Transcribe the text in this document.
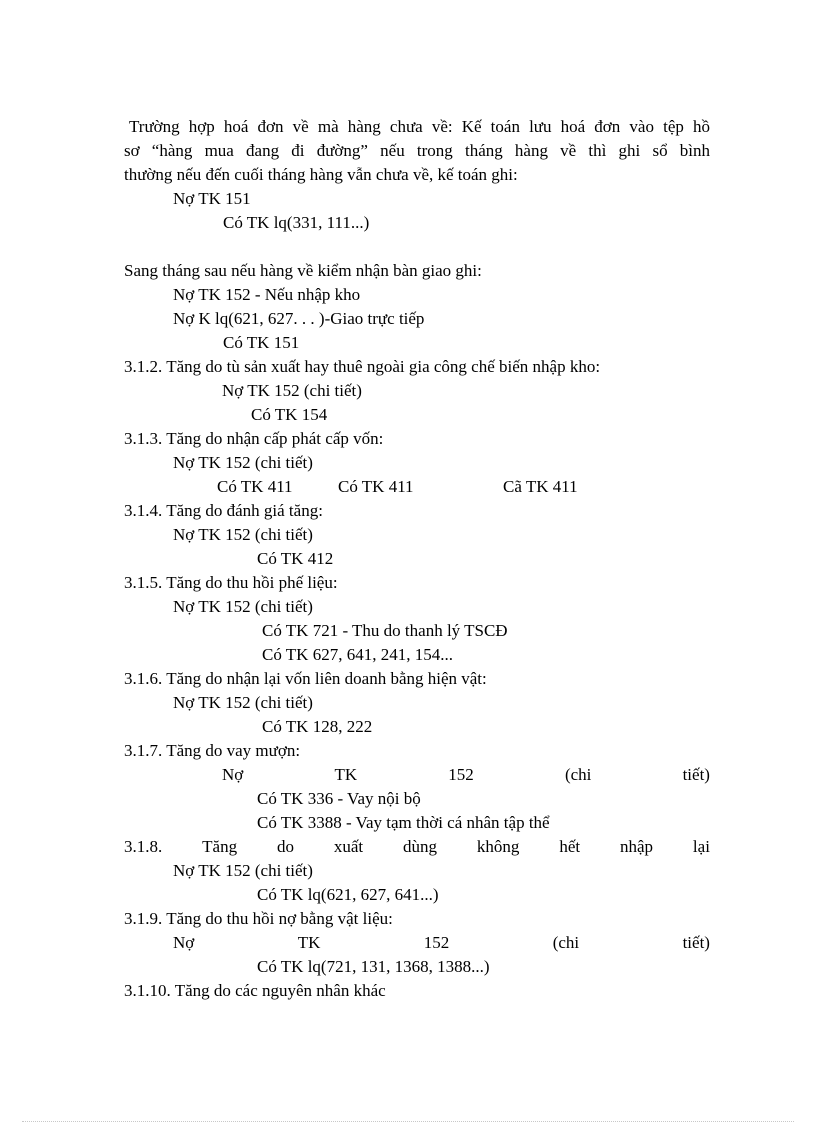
Trường hợp hoá đơn về mà hàng chưa về: Kế toán lưu hoá đơn vào tệp hồ
sơ “hàng mua đang đi đường” nếu trong tháng hàng về thì ghi sổ bình
thường nếu đến cuối tháng hàng vẫn chưa về, kế toán ghi:
Nợ TK 151
Có TK lq(331, 111...)
Sang tháng sau nếu hàng về kiểm nhận bàn giao ghi:
Nợ TK 152 - Nếu nhập kho
Nợ K lq(621, 627. . . )-Giao trực tiếp
Có TK 151
3.1.2. Tăng do tù sản xuất hay thuê ngoài gia công chế biến nhập kho:
Nợ TK 152 (chi tiết)
Có TK 154
3.1.3. Tăng do nhận cấp phát cấp vốn:
Nợ TK 152 (chi tiết)
Có TK 411	Có TK 411	Cã TK 411
3.1.4. Tăng do đánh giá tăng:
Nợ TK 152 (chi tiết)
Có TK 412
3.1.5. Tăng do thu hồi phế liệu:
Nợ TK 152 (chi tiết)
Có TK 721 - Thu do thanh lý TSCĐ
Có TK 627, 641, 241, 154...
3.1.6. Tăng do nhận lại vốn liên doanh bằng hiện vật:
Nợ TK 152 (chi tiết)
Có TK 128, 222
3.1.7. Tăng do vay mượn:
Nợ	TK	152	(chi	tiết)
Có TK 336 - Vay nội bộ
Có TK 3388 - Vay tạm thời cá nhân tập thể
3.1.8. Tăng do xuất dùng không hết nhập lại
Nợ TK 152 (chi tiết)
Có TK lq(621, 627, 641...)
3.1.9. Tăng do thu hồi nợ bằng vật liệu:
Nợ	TK	152	(chi	tiết)
Có TK lq(721, 131, 1368, 1388...)
3.1.10. Tăng do các nguyên nhân khác
